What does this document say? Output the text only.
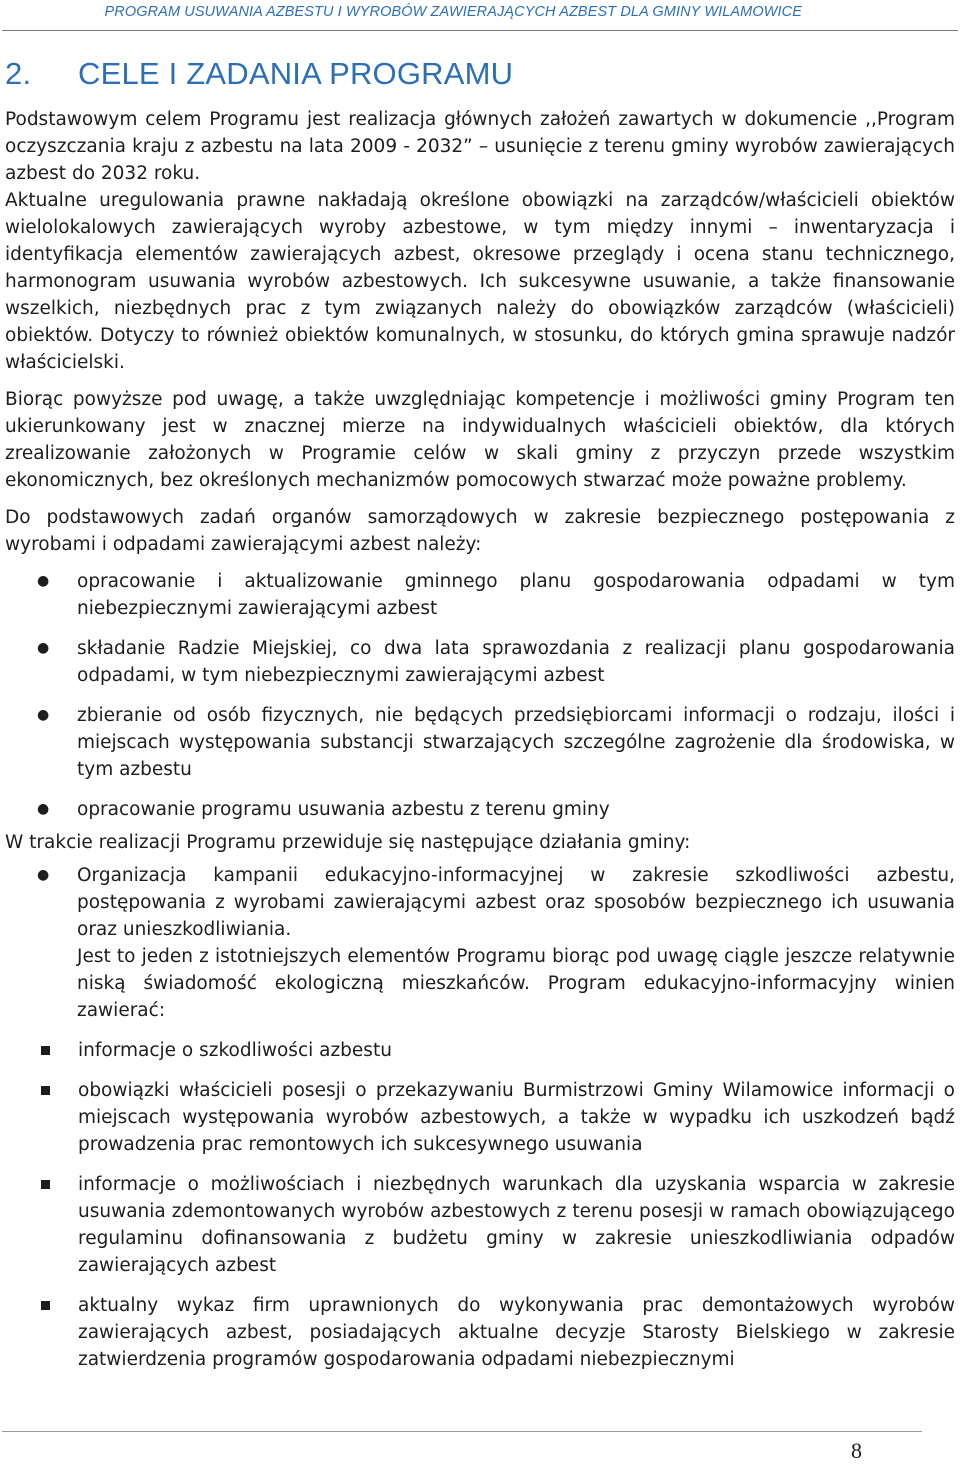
PROGRAM USUWANIA AZBESTU I WYROBÓW ZAWIERAJĄCYCH AZBEST DLA GMINY WILAMOWICE
2. CELE I ZADANIA PROGRAMU

Podstawowym celem Programu jest realizacja głównych założeń zawartych w dokumencie ,,Program oczyszczania kraju z azbestu na lata 2009 - 2032” – usunięcie z terenu gminy wyrobów zawierających azbest do 2032 roku.

Aktualne uregulowania prawne nakładają określone obowiązki na zarządców/właścicieli obiektów wielolokalowych zawierających wyroby azbestowe, w tym między innymi – inwentaryzacja i identyfikacja elementów zawierających azbest, okresowe przeglądy i ocena stanu technicznego, harmonogram usuwania wyrobów azbestowych. Ich sukcesywne usuwanie, a także finansowanie wszelkich, niezbędnych prac z tym związanych należy do obowiązków zarządców (właścicieli) obiektów. Dotyczy to również obiektów komunalnych, w stosunku, do których gmina sprawuje nadzór właścicielski.

Biorąc powyższe pod uwagę, a także uwzględniając kompetencje i możliwości gminy Program ten ukierunkowany jest w znacznej mierze na indywidualnych właścicieli obiektów, dla których zrealizowanie założonych w Programie celów w skali gminy z przyczyn przede wszystkim ekonomicznych, bez określonych mechanizmów pomocowych stwarzać może poważne problemy.

Do podstawowych zadań organów samorządowych w zakresie bezpiecznego postępowania z wyrobami i odpadami zawierającymi azbest należy:

●	opracowanie i aktualizowanie gminnego planu gospodarowania odpadami w tym niebezpiecznymi zawierającymi azbest
●	składanie Radzie Miejskiej, co dwa lata sprawozdania z realizacji planu gospodarowania odpadami, w tym niebezpiecznymi zawierającymi azbest
●	zbieranie od osób fizycznych, nie będących przedsiębiorcami informacji o rodzaju, ilości i miejscach występowania substancji stwarzających szczególne zagrożenie dla środowiska, w tym azbestu
●	opracowanie programu usuwania azbestu z terenu gminy

W trakcie realizacji Programu przewiduje się następujące działania gminy:

●	Organizacja kampanii edukacyjno-informacyjnej w zakresie szkodliwości azbestu, postępowania z wyrobami zawierającymi azbest oraz sposobów bezpiecznego ich usuwania oraz unieszkodliwiania.

Jest to jeden z istotniejszych elementów Programu biorąc pod uwagę ciągle jeszcze relatywnie niską świadomość ekologiczną mieszkańców. Program edukacyjno-informacyjny winien zawierać:

informacje o szkodliwości azbestu
obowiązki właścicieli posesji o przekazywaniu Burmistrzowi Gminy Wilamowice informacji o miejscach występowania wyrobów azbestowych, a także w wypadku ich uszkodzeń bądź prowadzenia prac remontowych ich sukcesywnego usuwania
informacje o możliwościach i niezbędnych warunkach dla uzyskania wsparcia w zakresie usuwania zdemontowanych wyrobów azbestowych z terenu posesji w ramach obowiązującego regulaminu dofinansowania z budżetu gminy w zakresie unieszkodliwiania odpadów zawierających azbest
aktualny wykaz firm uprawnionych do wykonywania prac demontażowych wyrobów zawierających azbest, posiadających aktualne decyzje Starosty Bielskiego w zakresie zatwierdzenia programów gospodarowania odpadami niebezpiecznymi
8
